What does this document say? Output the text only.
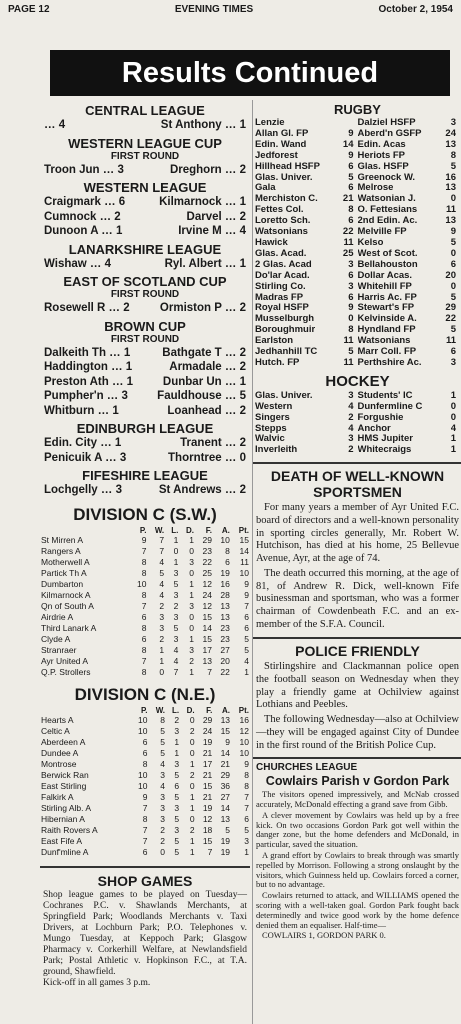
PAGE 12	EVENING TIMES	October 2, 1954
Results Continued
CENTRAL LEAGUE
… 4	St Anthony … 1
WESTERN LEAGUE CUP
FIRST ROUND
Troon Jun … 3	Dreghorn … 2
WESTERN LEAGUE
Craigmark … 6	Kilmarnock … 1
Cumnock … 2	Darvel … 2
Dunoon A … 1	Irvine M … 4
LANARKSHIRE LEAGUE
Wishaw … 4	Ryl. Albert … 1
EAST OF SCOTLAND CUP
FIRST ROUND
Rosewell R … 2	Ormiston P … 2
BROWN CUP
FIRST ROUND
Dalkeith Th … 1	Bathgate T … 2
Haddington … 1	Armadale … 2
Preston Ath … 1	Dunbar Un … 1
Pumpher'n … 3	Fauldhouse … 5
Whitburn … 1	Loanhead … 2
EDINBURGH LEAGUE
Edin. City … 1	Tranent … 2
Penicuik A … 3	Thorntree … 0
FIFESHIRE LEAGUE
Lochgelly … 3	St Andrews … 2
DIVISION C (S.W.)
	P.	W.	L.	D.	F.	A.	Pt.
St Mirren A	9	7	1	1	29	10	15
Rangers A	7	7	0	0	23	8	14
Motherwell A	8	4	1	3	22	6	11
Partick Th A	8	5	3	0	25	19	10
Dumbarton	10	4	5	1	12	16	9
Kilmarnock A	8	4	3	1	24	28	9
Qn of South A	7	2	2	3	12	13	7
Airdrie A	6	3	3	0	15	13	6
Third Lanark A	8	3	5	0	14	23	6
Clyde A	6	2	3	1	15	23	5
Stranraer	8	1	4	3	17	27	5
Ayr United A	7	1	4	2	13	20	4
Q.P. Strollers	8	0	7	1	7	22	1
DIVISION C (N.E.)
	P.	W.	L.	D.	F.	A.	Pt.
Hearts A	10	8	2	0	29	13	16
Celtic A	10	5	3	2	24	15	12
Aberdeen A	6	5	1	0	19	9	10
Dundee A	6	5	1	0	21	14	10
Montrose	8	4	3	1	17	21	9
Berwick Ran	10	3	5	2	21	29	8
East Stirling	10	4	6	0	15	36	8
Falkirk A	9	3	5	1	21	27	7
Stirling Alb. A	7	3	3	1	19	14	7
Hibernian A	8	3	5	0	12	13	6
Raith Rovers A	7	2	3	2	18	5	5
East Fife A	7	2	5	1	15	19	3
Dunf'mline A	6	0	5	1	7	19	1
SHOP GAMES
Shop league games to be played on Tuesday—Cochranes P.C. v. Shawlands Merchants, at Springfield Park; Woodlands Merchants v. Taxi Drivers, at Lochburn Park; P.O. Telephones v. Mungo Tuesday, at Keppoch Park; Glasgow Pharmacy v. Corkerhill Welfare, at Newlandsfield Park; Postal Athletic v. Hopkinson F.C., at T.A. ground, Shawfield.
Kick-off in all games 3 p.m.
RUGBY
Lenzie	Dalziel HSFP	3
Allan Gl. FP	9 Aberd'n GSFP	24
Edin. Wand	14 Edin. Acas	13
Jedforest	9 Heriots FP	8
Hillhead HSFP	6 Glas. HSFP	5
Glas. Univer.	5 Greenock W.	16
Gala	6 Melrose	13
Merchiston C.	21 Watsonian J.	0
Fettes Col.	8 O. Fettesians	11
Loretto Sch.	6 2nd Edin. Ac.	13
Watsonians	22 Melville FP	9
Hawick	11 Kelso	5
Glas. Acad.	25 West of Scot.	0
2 Glas. Acad	3 Bellahouston	6
Do'lar Acad.	6 Dollar Acas.	20
Stirling Co.	3 Whitehill FP	0
Madras FP	6 Harris Ac. FP	5
Royal HSFP	9 Stewart's FP	29
Musselburgh	0 Kelvinside A.	22
Boroughmuir	8 Hyndland FP	5
Earlston	11 Watsonians	11
Jedhanhill TC	5 Marr Coll. FP	6
Hutch. FP	11 Perthshire Ac.	3
HOCKEY
Glas. Univer.	3 Students' IC	1
Western	4 Dunfermline C	0
Singers	2 Forgushie	0
Stepps	4 Anchor	4
Walvic	3 HMS Jupiter	1
Inverleith	2 Whitecraigs	1
DEATH OF WELL-KNOWN
SPORTSMEN

For many years a member of Ayr United F.C. board of directors and a well-known personality in sporting circles generally, Mr. Robert W. Hutchison, has died at his home, 25 Bellevue Avenue, Ayr, at the age of 74.

The death occurred this morning, at the age of 81, of Andrew R. Dick, well-known Fife businessman and sportsman, who was a former chairman of Cowdenbeath F.C. and an ex-member of the S.F.A. Council.

POLICE FRIENDLY

Stirlingshire and Clackmannan police open the football season on Wednesday when they play a friendly game at Ochilview against Lothians and Peebles.

The following Wednesday—also at Ochilview—they will be engaged against City of Dundee in the first round of the British Police Cup.

CHURCHES LEAGUE
Cowlairs Parish v Gordon Park

The visitors opened impressively, and McNab crossed accurately, McDonald effecting a grand save from Gibb.

A clever movement by Cowlairs was held up by a free kick. On two occasions Gordon Park got well within the danger zone, but the home defenders and McDonald, in particular, saved the situation.

A grand effort by Cowlairs to break through was smartly repelled by Morrison. Following a strong onslaught by the visitors, which Guinness held up. Cowlairs forced a corner, but to no advantage.

Cowlairs returned to attack, and WILLIAMS opened the scoring with a well-taken goal. Gordon Park fought back determinedly and twice good work by the home defence denied them an equaliser. Half-time—

COWLAIRS 1, GORDON PARK 0.
